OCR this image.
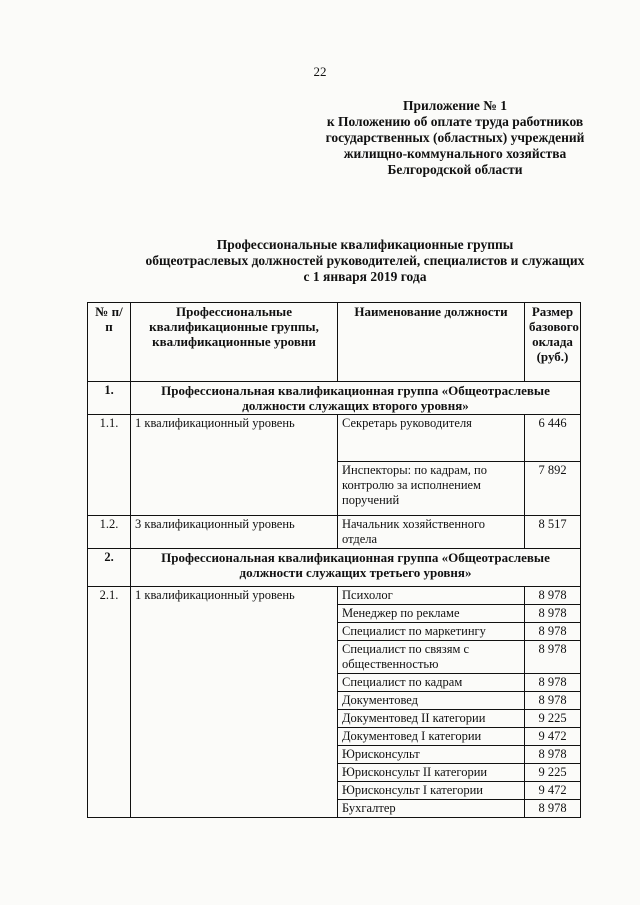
22
Приложение № 1
к Положению об оплате труда работников
государственных (областных) учреждений
жилищно-коммунального хозяйства
Белгородской области
Профессиональные квалификационные группы
общеотраслевых должностей руководителей, специалистов и служащих
с 1 января 2019 года
№ п/п	Профессиональные квалификационные группы, квалификационные уровни	Наименование должности	Размер базового оклада (руб.)
1.	Профессиональная квалификационная группа «Общеотраслевые должности служащих второго уровня»		
1.1.	1 квалификационный уровень	Секретарь руководителя	6 446
		Инспекторы: по кадрам, по контролю за исполнением поручений	7 892
1.2.	3 квалификационный уровень	Начальник хозяйственного отдела	8 517
2.	Профессиональная квалификационная группа «Общеотраслевые должности служащих третьего уровня»		
2.1.	1 квалификационный уровень	Психолог	8 978
		Менеджер по рекламе	8 978
		Специалист по маркетингу	8 978
		Специалист по связям с общественностью	8 978
		Специалист по кадрам	8 978
		Документовед	8 978
		Документовед II категории	9 225
		Документовед I категории	9 472
		Юрисконсульт	8 978
		Юрисконсульт II категории	9 225
		Юрисконсульт I категории	9 472
		Бухгалтер	8 978
